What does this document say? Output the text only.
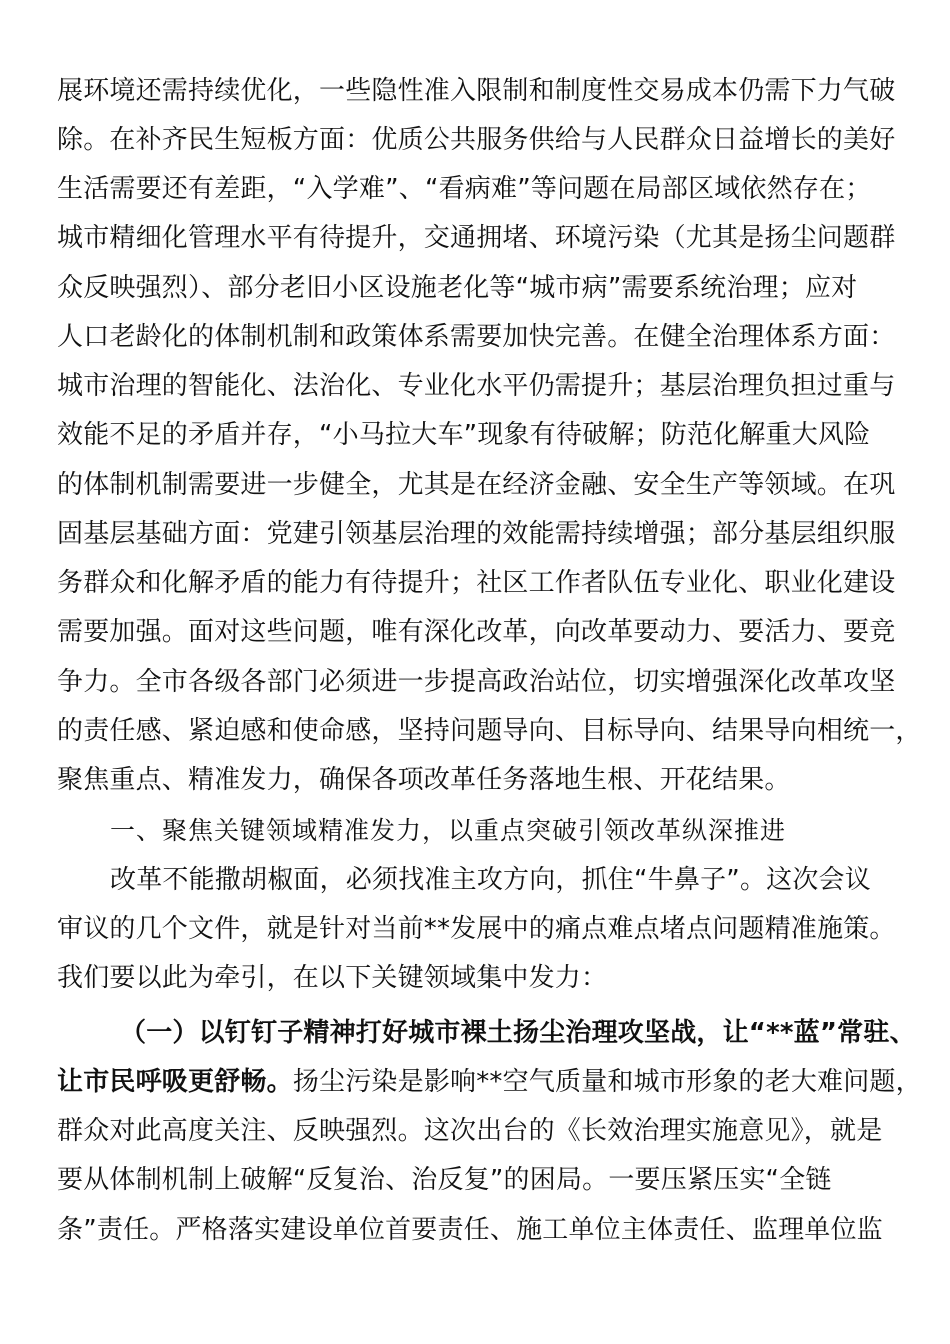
展环境还需持续优化，一些隐性准入限制和制度性交易成本仍需下力气破
除。在补齐民生短板方面：优质公共服务供给与人民群众日益增长的美好
生活需要还有差距，“入学难”、“看病难”等问题在局部区域依然存在；
城市精细化管理水平有待提升，交通拥堵、环境污染（尤其是扬尘问题群
众反映强烈）、部分老旧小区设施老化等“城市病”需要系统治理；应对
人口老龄化的体制机制和政策体系需要加快完善。在健全治理体系方面：
城市治理的智能化、法治化、专业化水平仍需提升；基层治理负担过重与
效能不足的矛盾并存，“小马拉大车”现象有待破解；防范化解重大风险
的体制机制需要进一步健全，尤其是在经济金融、安全生产等领域。在巩
固基层基础方面：党建引领基层治理的效能需持续增强；部分基层组织服
务群众和化解矛盾的能力有待提升；社区工作者队伍专业化、职业化建设
需要加强。面对这些问题，唯有深化改革，向改革要动力、要活力、要竞
争力。全市各级各部门必须进一步提高政治站位，切实增强深化改革攻坚
的责任感、紧迫感和使命感，坚持问题导向、目标导向、结果导向相统一，
聚焦重点、精准发力，确保各项改革任务落地生根、开花结果。
一、聚焦关键领域精准发力，以重点突破引领改革纵深推进
改革不能撒胡椒面，必须找准主攻方向，抓住“牛鼻子”。这次会议
审议的几个文件，就是针对当前**发展中的痛点难点堵点问题精准施策。
我们要以此为牵引，在以下关键领域集中发力：
（一）以钉钉子精神打好城市裸土扬尘治理攻坚战，让“**蓝”常驻、
让市民呼吸更舒畅。扬尘污染是影响**空气质量和城市形象的老大难问题，
群众对此高度关注、反映强烈。这次出台的《长效治理实施意见》，就是
要从体制机制上破解“反复治、治反复”的困局。一要压紧压实“全链
条”责任。严格落实建设单位首要责任、施工单位主体责任、监理单位监
